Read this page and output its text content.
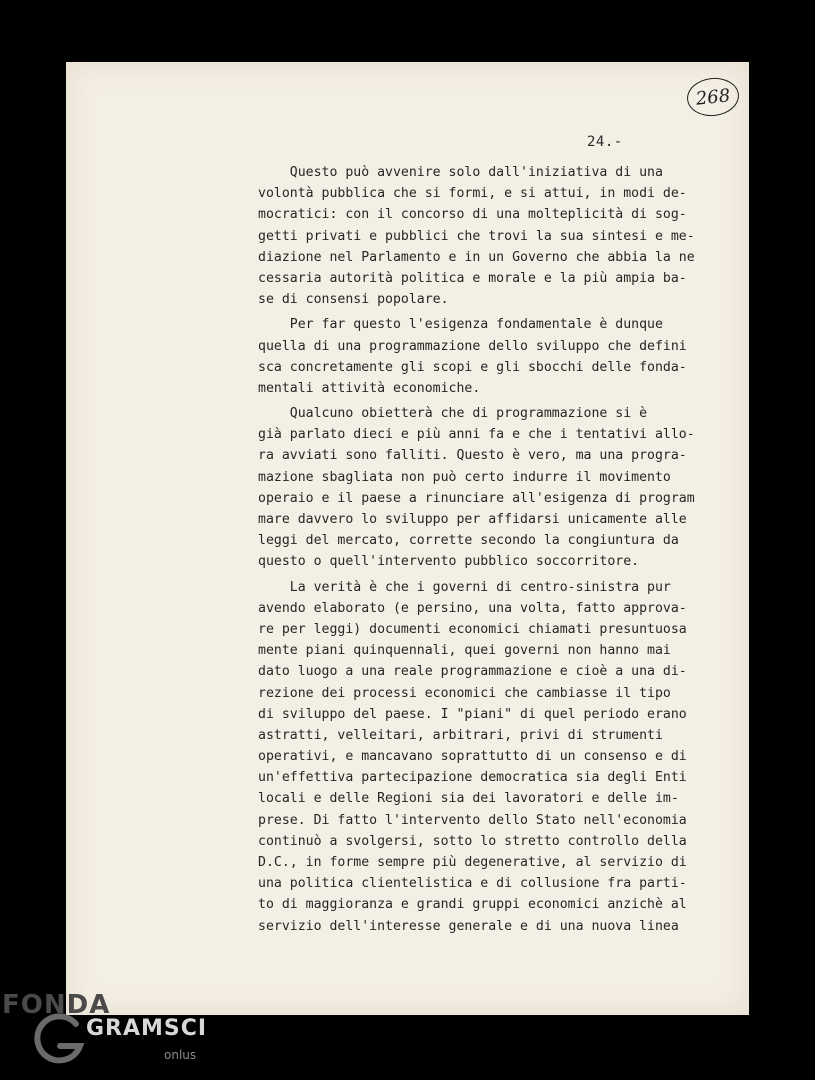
268
24.-
Questo può avvenire solo dall'iniziativa di una
volontà pubblica che si formi, e si attui, in modi de-
mocratici: con il concorso di una molteplicità di sog-
getti privati e pubblici che trovi la sua sintesi e me-
diazione nel Parlamento e in un Governo che abbia la ne
cessaria autorità politica e morale e la più ampia ba-
se di consensi popolare.
Per far questo l'esigenza fondamentale è dunque
quella di una programmazione dello sviluppo che defini
sca concretamente gli scopi e gli sbocchi delle fonda-
mentali attività economiche.
Qualcuno obietterà che di programmazione si è
già parlato dieci e più anni fa e che i tentativi allo-
ra avviati sono falliti. Questo è vero, ma una progra-
mazione sbagliata non può certo indurre il movimento
operaio e il paese a rinunciare all'esigenza di program
mare davvero lo sviluppo per affidarsi unicamente alle
leggi del mercato, corrette secondo la congiuntura da
questo o quell'intervento pubblico soccorritore.
La verità è che i governi di centro-sinistra pur
avendo elaborato (e persino, una volta, fatto approva-
re per leggi) documenti economici chiamati presuntuosa
mente piani quinquennali, quei governi non hanno mai
dato luogo a una reale programmazione e cioè a una di-
rezione dei processi economici che cambiasse il tipo
di sviluppo del paese. I "piani" di quel periodo erano
astratti, velleitari, arbitrari, privi di strumenti
operativi, e mancavano soprattutto di un consenso e di
un'effettiva partecipazione democratica sia degli Enti
locali e delle Regioni sia dei lavoratori e delle im-
prese. Di fatto l'intervento dello Stato nell'economia
continuò a svolgersi, sotto lo stretto controllo della
D.C., in forme sempre più degenerative, al servizio di
una politica clientelistica e di collusione fra parti-
to di maggioranza e grandi gruppi economici anzichè al
servizio dell'interesse generale e di una nuova linea
FONDA
GRAMSCI
onlus
